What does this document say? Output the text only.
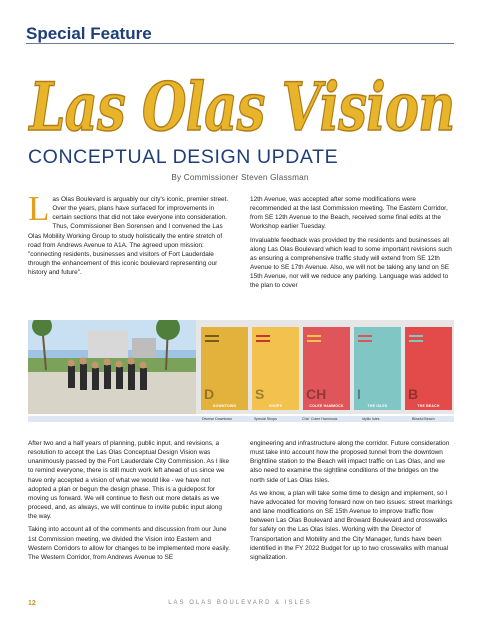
Special Feature
Las Olas Vision
CONCEPTUAL DESIGN UPDATE
By Commissioner Steven Glassman

Las Olas Boulevard is arguably our city's iconic, premier street. Over the years, plans have surfaced for improvements in certain sections that did not take everyone into consideration. Thus, Commissioner Ben Sorensen and I convened the Las Olas Mobility Working Group to study holistically the entire stretch of road from Andrews Avenue to A1A. The agreed upon mission: "connecting residents, businesses and visitors of Fort Lauderdale through the enhancement of this iconic boulevard representing our history and future".

12th Avenue, was accepted after some modifications were recommended at the last Commission meeting. The Eastern Corridor, from SE 12th Avenue to the Beach, received some final edits at the Workshop earlier Tuesday.

Invaluable feedback was provided by the residents and businesses all along Las Olas Boulevard which lead to some important revisions such as ensuring a comprehensive traffic study will extend from SE 12th Avenue to SE 17th Avenue. Also, we will not be taking any land on SE 15th Avenue, nor will we reduce any parking. Language was added to the plan to cover

D
DOWNTOWN
S
SHOPS
CH
COLEE HAMMOCK
I
THE ISLES
B
THE BEACH
Diverse Downtown	Special Shops	Chic' Colee Hammock	Idyllic Isles	Blissful Beach

After two and a half years of planning, public input, and revisions, a resolution to accept the Las Olas Conceptual Design Vision was unanimously passed by the Fort Lauderdale City Commission. As I like to remind everyone, there is still much work left ahead of us since we have only accepted a vision of what we would like - we have not adopted a plan or begun the design phase. This is a guidepost for moving us forward. We will continue to flesh out more details as we proceed, and, as always, we will continue to invite public input along the way.

Taking into account all of the comments and discussion from our June 1st Commission meeting, we divided the Vision into Eastern and Western Corridors to allow for changes to be implemented more easily. The Western Corridor, from Andrews Avenue to SE

engineering and infrastructure along the corridor. Future consideration must take into account how the proposed tunnel from the downtown Brightline station to the Beach will impact traffic on Las Olas, and we also need to examine the sightline conditions of the bridges on the north side of Las Olas Isles.

As we know, a plan will take some time to design and implement, so I have advocated for moving forward now on two issues: street markings and lane modifications on SE 15th Avenue to improve traffic flow between Las Olas Boulevard and Broward Boulevard and crosswalks for safety on the Las Olas Isles. Working with the Director of Transportation and Mobility and the City Manager, funds have been identified in the FY 2022 Budget for up to two crosswalks with manual signalization.

12	LAS OLAS BOULEVARD & ISLES
